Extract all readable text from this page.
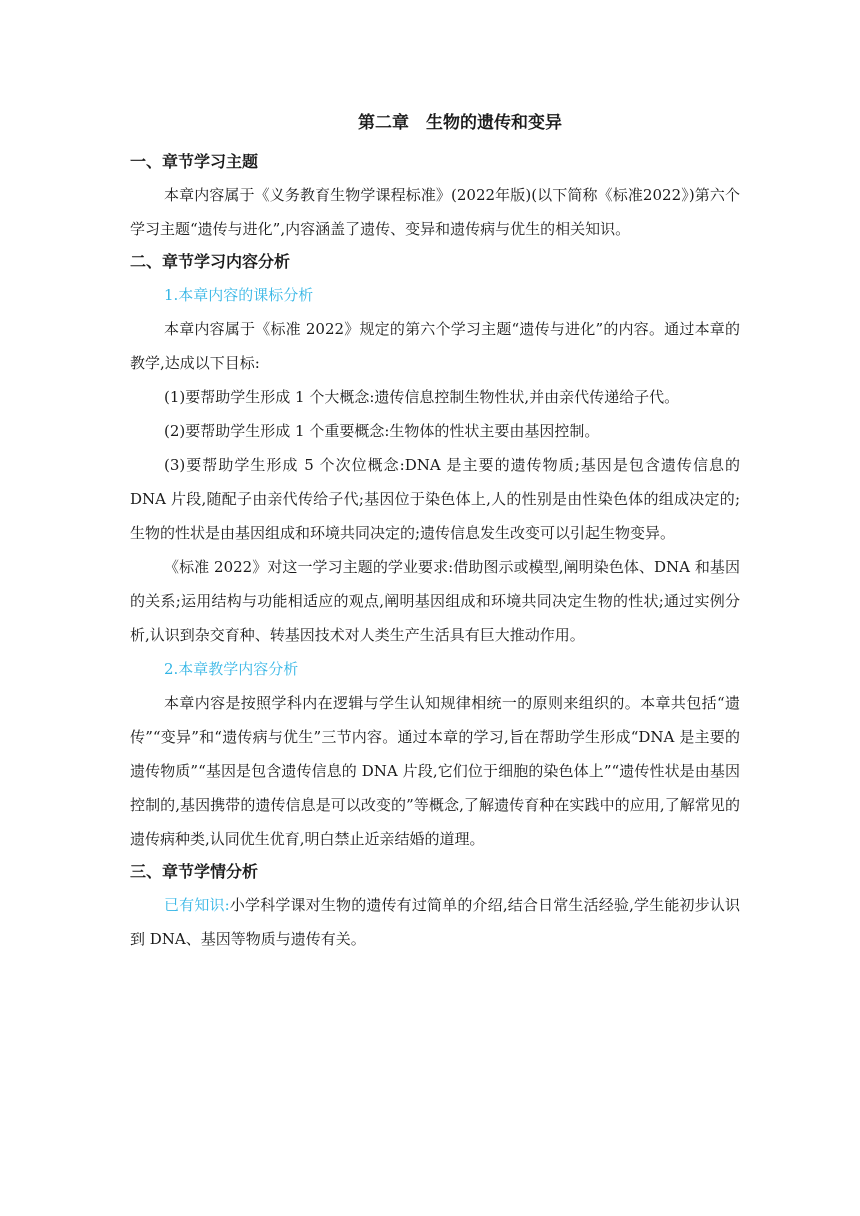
第二章　生物的遗传和变异
一、章节学习主题

本章内容属于《义务教育生物学课程标准》(2022年版)(以下简称《标准2022》)第六个学习主题“遗传与进化”,内容涵盖了遗传、变异和遗传病与优生的相关知识。

二、章节学习内容分析
1.本章内容的课标分析

本章内容属于《标准 2022》规定的第六个学习主题“遗传与进化”的内容。通过本章的教学,达成以下目标:

(1)要帮助学生形成 1 个大概念:遗传信息控制生物性状,并由亲代传递给子代。

(2)要帮助学生形成 1 个重要概念:生物体的性状主要由基因控制。

(3)要帮助学生形成 5 个次位概念:DNA 是主要的遗传物质;基因是包含遗传信息的 DNA 片段,随配子由亲代传给子代;基因位于染色体上,人的性别是由性染色体的组成决定的;生物的性状是由基因组成和环境共同决定的;遗传信息发生改变可以引起生物变异。

《标准 2022》对这一学习主题的学业要求:借助图示或模型,阐明染色体、DNA 和基因的关系;运用结构与功能相适应的观点,阐明基因组成和环境共同决定生物的性状;通过实例分析,认识到杂交育种、转基因技术对人类生产生活具有巨大推动作用。

2.本章教学内容分析

本章内容是按照学科内在逻辑与学生认知规律相统一的原则来组织的。本章共包括“遗传”“变异”和“遗传病与优生”三节内容。通过本章的学习,旨在帮助学生形成“DNA 是主要的遗传物质”“基因是包含遗传信息的 DNA 片段,它们位于细胞的染色体上”“遗传性状是由基因控制的,基因携带的遗传信息是可以改变的”等概念,了解遗传育种在实践中的应用,了解常见的遗传病种类,认同优生优育,明白禁止近亲结婚的道理。

三、章节学情分析

已有知识:小学科学课对生物的遗传有过简单的介绍,结合日常生活经验,学生能初步认识到 DNA、基因等物质与遗传有关。
